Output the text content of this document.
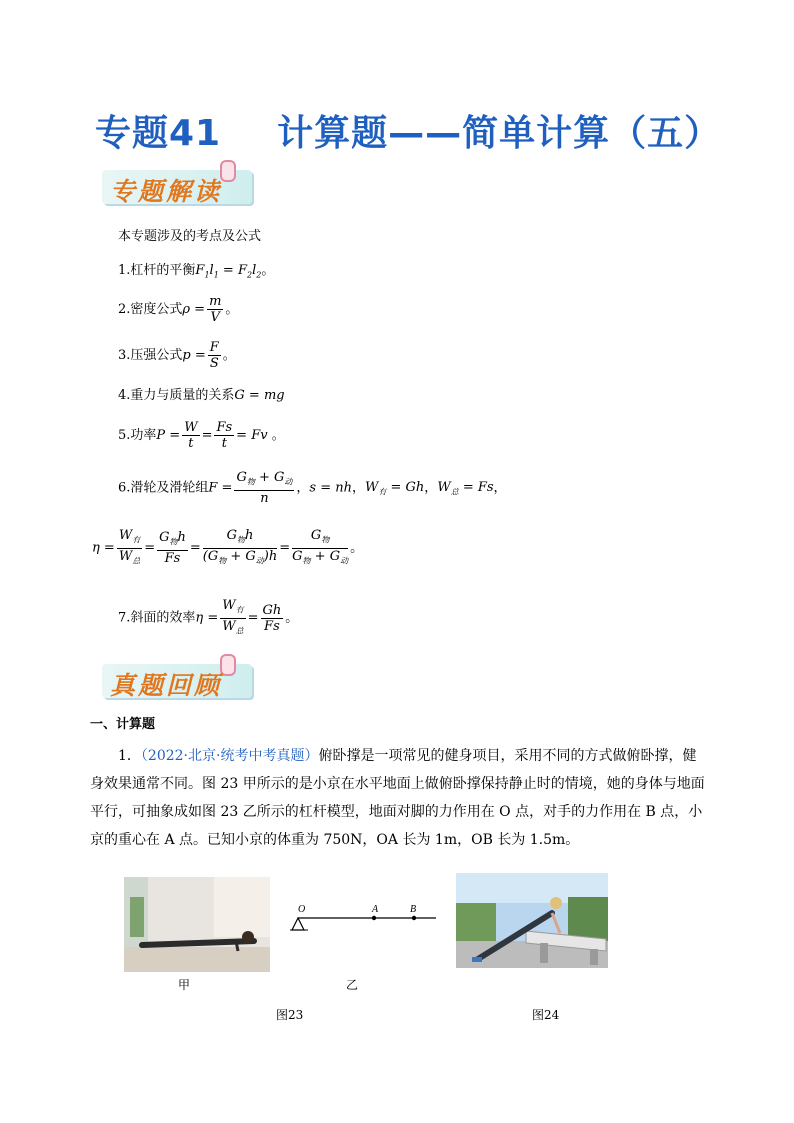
专题41 计算题——简单计算（五）
专题解读
本专题涉及的考点及公式
1.杠杆的平衡$F_1l_1 = F_2l_2$。
2.密度公式$\rho = \frac{m}{V}$ 。
3.压强公式$p = \frac{F}{S}$ 。
4.重力与质量的关系G = mg
5.功率$P = \frac{W}{t} = \frac{Fs}{t} = Fv$ 。
6.滑轮及滑轮组$F = \frac{G_物 + G_动}{n}$ ，s = nh，$W_有 = Gh$，$W_总 = Fs$，
$\eta = \frac{W_有}{W_总} = \frac{G_物h}{Fs} = \frac{G_物h}{(G_物 + G_动)h} = \frac{G_物}{G_物 + G_动}$ 。
7.斜面的效率$\eta = \frac{W_有}{W_总} = \frac{Gh}{Fs}$ 。
真题回顾
一、计算题
1．（2022·北京·统考中考真题）俯卧撑是一项常见的健身项目，采用不同的方式做俯卧撑，健身效果通常不同。图 23 甲所示的是小京在水平地面上做俯卧撑保持静止时的情境，她的身体与地面平行，可抽象成如图 23 乙所示的杠杆模型，地面对脚的力作用在 O 点，对手的力作用在 B 点，小京的重心在 A 点。已知小京的体重为 750N，OA 长为 1m，OB 长为 1.5m。
甲
O	A	B
乙
图23	图24
